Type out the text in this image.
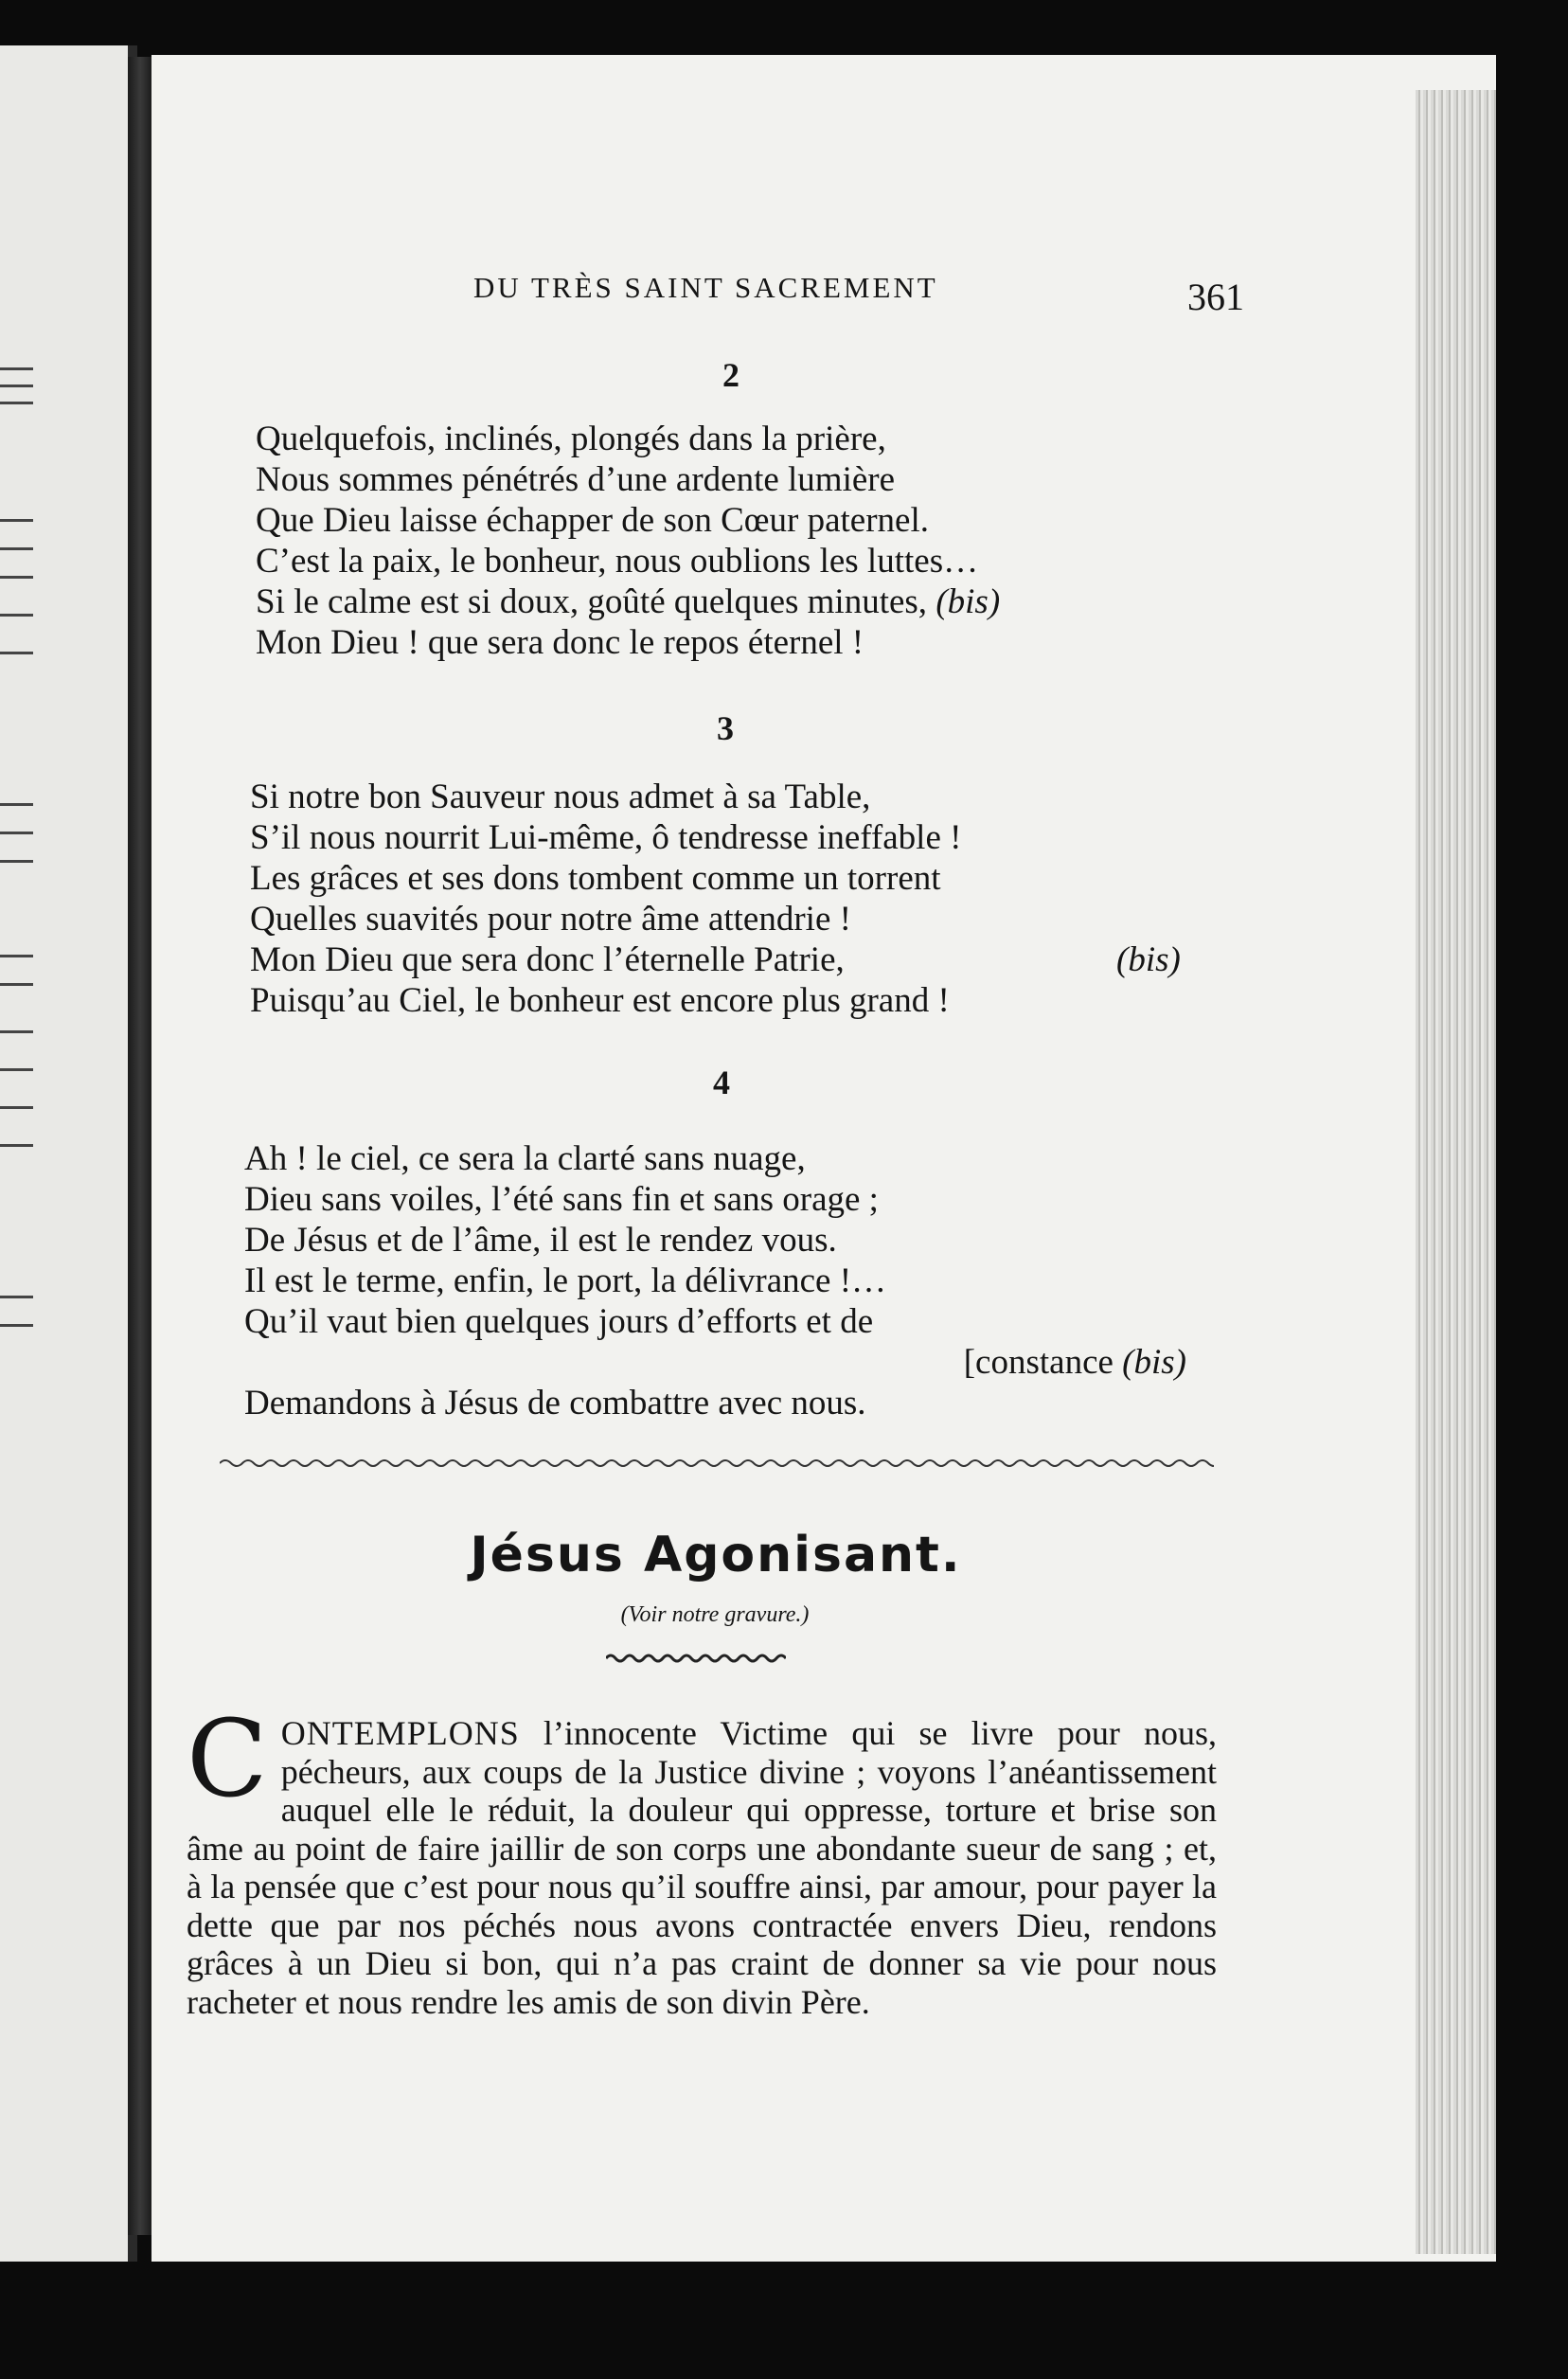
DU TRÈS SAINT SACREMENT	361
2
Quelquefois, inclinés, plongés dans la prière,
Nous sommes pénétrés d’une ardente lumière
Que Dieu laisse échapper de son Cœur paternel.
C’est la paix, le bonheur, nous oublions les luttes…
Si le calme est si doux, goûté quelques minutes, (bis)
Mon Dieu ! que sera donc le repos éternel !
3
Si notre bon Sauveur nous admet à sa Table,
S’il nous nourrit Lui-même, ô tendresse ineffable !
Les grâces et ses dons tombent comme un torrent
Quelles suavités pour notre âme attendrie !
Mon Dieu que sera donc l’éternelle Patrie,	(bis)
Puisqu’au Ciel, le bonheur est encore plus grand !
4
Ah ! le ciel, ce sera la clarté sans nuage,
Dieu sans voiles, l’été sans fin et sans orage ;
De Jésus et de l’âme, il est le rendez vous.
Il est le terme, enfin, le port, la délivrance !…
Qu’il vaut bien quelques jours d’efforts et de
[constance (bis)
Demandons à Jésus de combattre avec nous.
Jésus Agonisant.
(Voir notre gravure.)
CONTEMPLONS l’innocente Victime qui se livre pour nous, pécheurs, aux coups de la Justice divine ; voyons l’anéantissement auquel elle le réduit, la douleur qui oppresse, torture et brise son âme au point de faire jaillir de son corps une abondante sueur de sang ; et, à la pensée que c’est pour nous qu’il souffre ainsi, par amour, pour payer la dette que par nos péchés nous avons contractée envers Dieu, rendons grâces à un Dieu si bon, qui n’a pas craint de donner sa vie pour nous racheter et nous rendre les amis de son divin Père.
